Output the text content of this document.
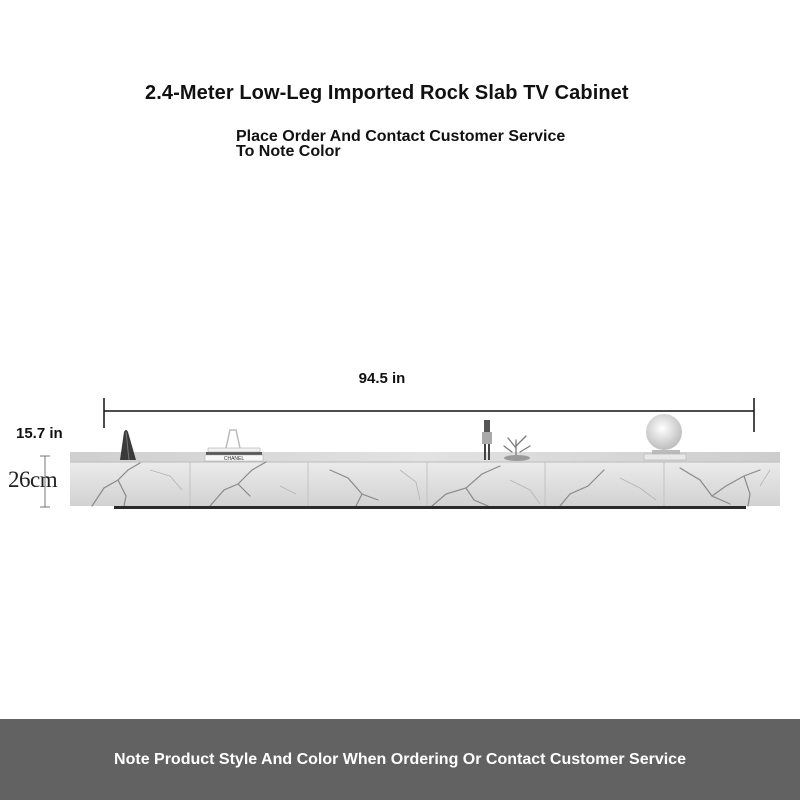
2.4-Meter Low-Leg Imported Rock Slab TV Cabinet
Place Order And Contact Customer Service
To Note Color
94.5 in
15.7 in
26cm
CHANEL
Note Product Style And Color When Ordering Or Contact Customer Service
